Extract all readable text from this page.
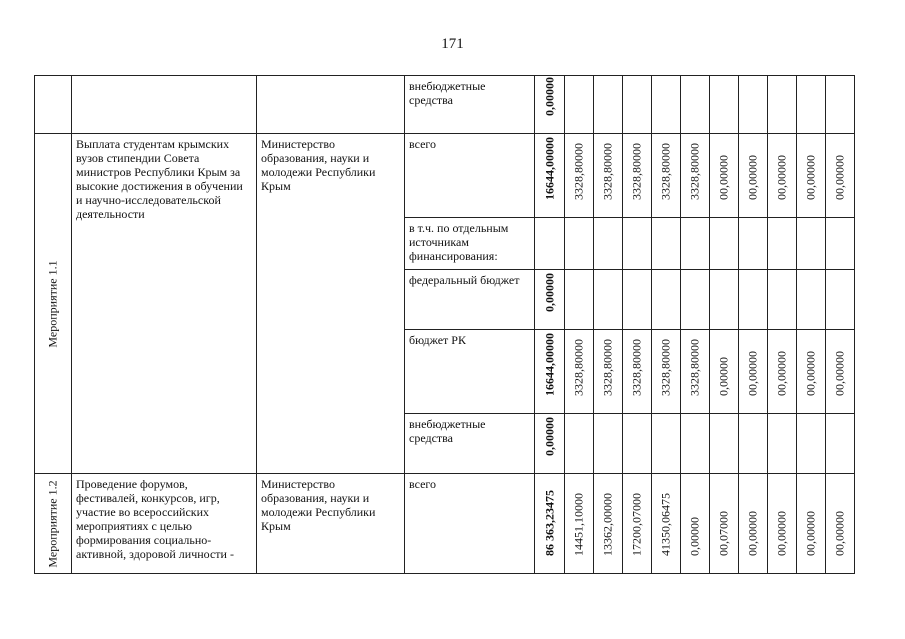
171

			внебюджетные средства	0,00000										

Мероприятие 1.1	Выплата студентам крымских вузов стипендии Совета министров Республики Крым за высокие достижения в обучении и научно-исследовательской деятельности	Министерство образования, науки и молодежи Республики Крым	всего	16644,00000	3328,80000	3328,80000	3328,80000	3328,80000	3328,80000	00,00000	00,00000	00,00000	00,00000	00,00000

			в т.ч. по отдельным источникам финансирования:											

			федеральный бюджет	0,00000										

			бюджет РК	16644,00000	3328,80000	3328,80000	3328,80000	3328,80000	3328,80000	0,00000	00,00000	00,00000	00,00000	00,00000

			внебюджетные средства	0,00000										

Мероприятие 1.2	Проведение форумов, фестивалей, конкурсов, игр, участие во всероссийских мероприятиях с целью формирования социально-активной, здоровой личности -	Министерство образования, науки и молодежи Республики Крым	всего	86 363,23475	14451,10000	13362,00000	17200,07000	41350,06475	0,00000	00,07000	00,00000	00,00000	00,00000	00,00000
